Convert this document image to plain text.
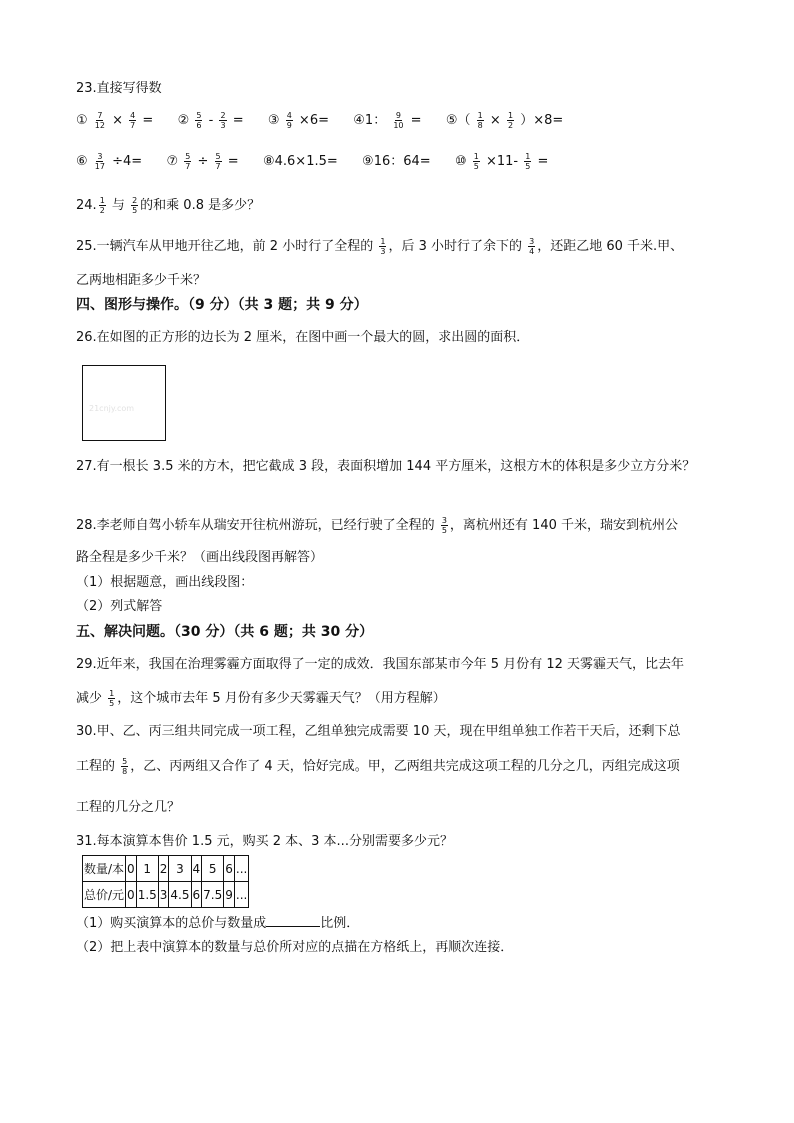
23.直接写得数
① $\frac{7}{12} \times \frac{4}{7}$ = ② $\frac{5}{6} - \frac{2}{3}$ = ③ $\frac{4}{9} \times 6=$ ④1： $\frac{9}{10}$ = ⑤（ $\frac{1}{8} \times \frac{1}{2} )\times 8=$
⑥ $\frac{3}{17} \div 4=$ ⑦ $\frac{5}{7} \div \frac{5}{7}$ = ⑧4.6×1.5= ⑨16：64= ⑩ $\frac{1}{5} \times 11- \frac{1}{5}$ =
24. $\frac{1}{2}$ 与 $\frac{2}{5}$ 的和乘 0.8 是多少？
25.一辆汽车从甲地开往乙地，前 2 小时行了全程的 $\frac{1}{3}$ ，后 3 小时行了余下的 $\frac{3}{4}$ ，还距乙地 60 千米.甲、
乙两地相距多少千米？
四、图形与操作。（9 分）（共 3 题；共 9 分）
26.在如图的正方形的边长为 2 厘米，在图中画一个最大的圆，求出圆的面积．
21cnjy.com
27.有一根长 3.5 米的方木，把它截成 3 段，表面积增加 144 平方厘米，这根方木的体积是多少立方分米？
28.李老师自驾小轿车从瑞安开往杭州游玩，已经行驶了全程的 $\frac{3}{5}$ ，离杭州还有 140 千米，瑞安到杭州公
路全程是多少千米？（画出线段图再解答）
（1）根据题意，画出线段图：
（2）列式解答
五、解决问题。（30 分）（共 6 题；共 30 分）
29.近年来，我国在治理雾霾方面取得了一定的成效．我国东部某市今年 5 月份有 12 天雾霾天气，比去年
减少 $\frac{1}{5}$ ，这个城市去年 5 月份有多少天雾霾天气？（用方程解）
30.甲、乙、丙三组共同完成一项工程，乙组单独完成需要 10 天，现在甲组单独工作若干天后，还剩下总
工程的 $\frac{5}{8}$ ，乙、丙两组又合作了 4 天，恰好完成。甲，乙两组共完成这项工程的几分之几，丙组完成这项
工程的几分之几？
31.每本演算本售价 1.5 元，购买 2 本、3 本...分别需要多少元？
数量/本	0	1	2	3	4	5	6	...
总价/元	0	1.5	3	4.5	6	7.5	9	...
（1）购买演算本的总价与数量成	比例．
（2）把上表中演算本的数量与总价所对应的点描在方格纸上，再顺次连接．
